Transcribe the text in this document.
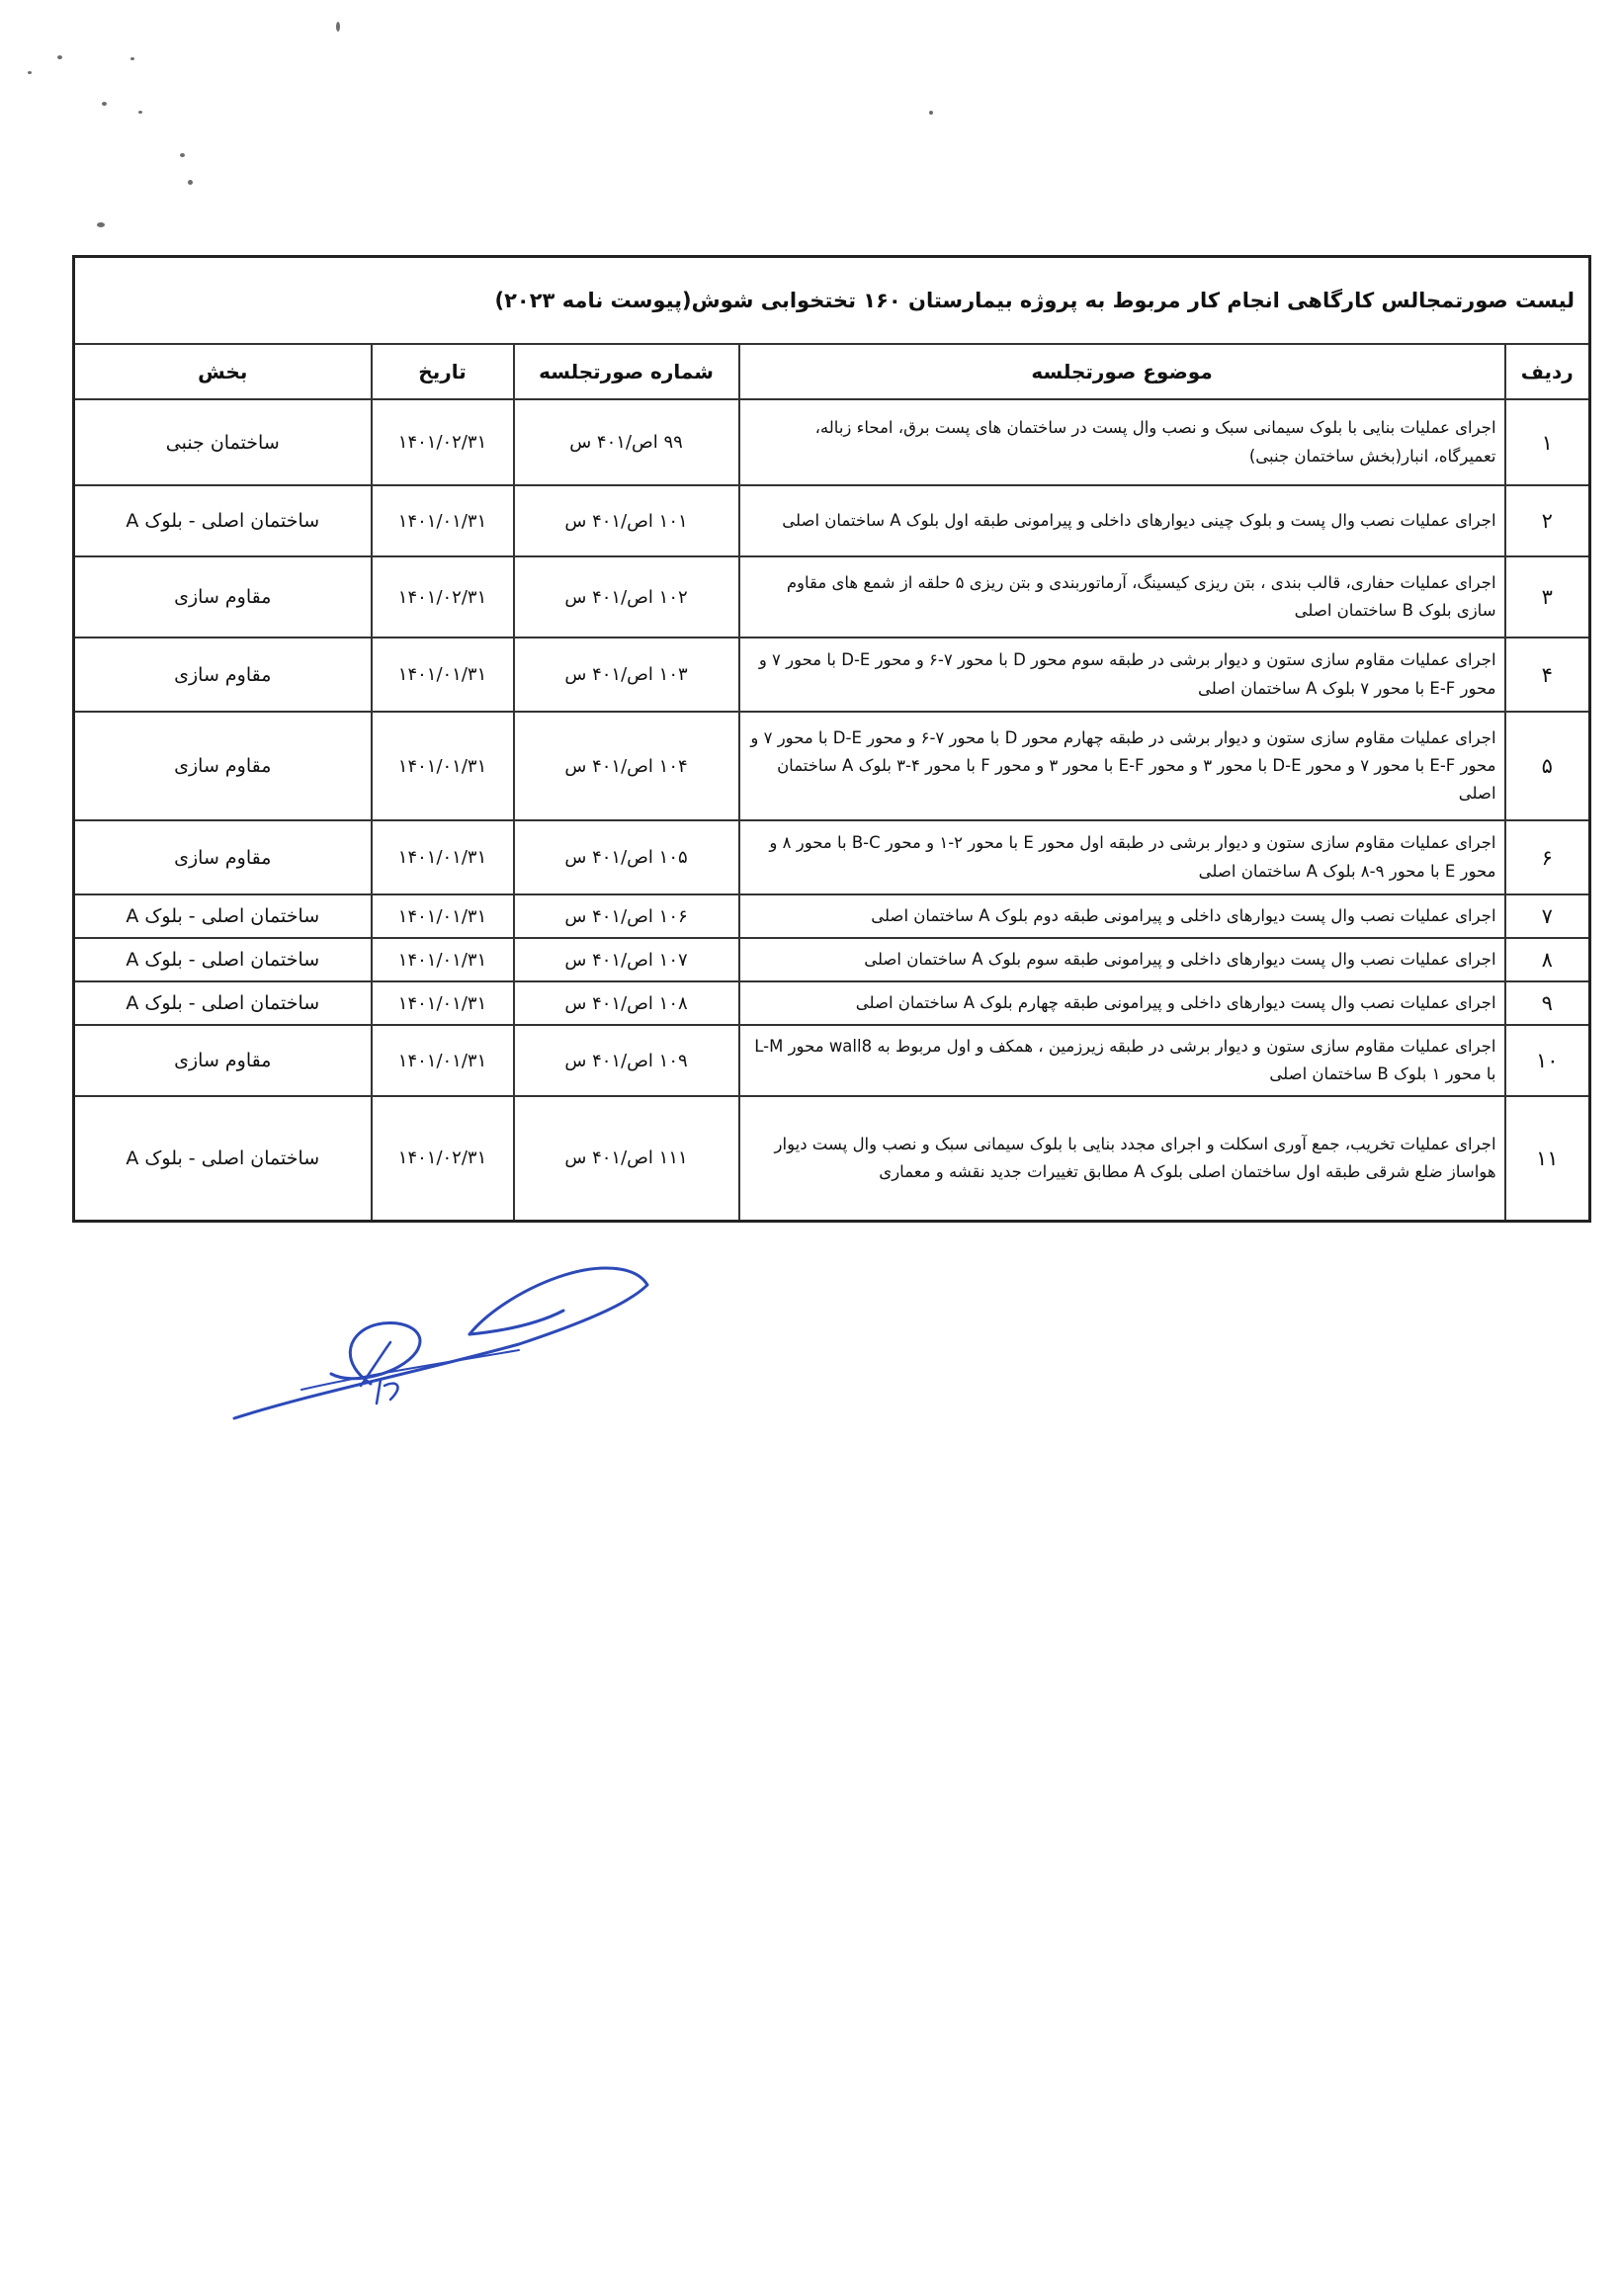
لیست صورتمجالس کارگاهی انجام کار مربوط به پروژه بیمارستان ۱۶۰ تختخوابی شوش(پیوست نامه ۲۰۲۳)				
ردیف	موضوع صورتجلسه	شماره صورتجلسه	تاریخ	بخش
۱	اجرای عملیات بنایی با بلوک سیمانی سبک و نصب وال پست در ساختمان های پست برق، امحاء زباله، تعمیرگاه، انبار(بخش ساختمان جنبی)	۹۹ اص/۴۰۱ س	۱۴۰۱/۰۲/۳۱	ساختمان جنبی
۲	اجرای عملیات نصب وال پست و بلوک چینی دیوارهای داخلی و پیرامونی طبقه اول بلوک A ساختمان اصلی	۱۰۱ اص/۴۰۱ س	۱۴۰۱/۰۱/۳۱	ساختمان اصلی - بلوک A
۳	اجرای عملیات حفاری، قالب بندی ، بتن ریزی کیسینگ، آرماتوربندی و بتن ریزی ۵ حلقه از شمع های مقاوم سازی بلوک B ساختمان اصلی	۱۰۲ اص/۴۰۱ س	۱۴۰۱/۰۲/۳۱	مقاوم سازی
۴	اجرای عملیات مقاوم سازی ستون و دیوار برشی در طبقه سوم محور D با محور ۷-۶ و محور D-E با محور ۷ و محور E-F با محور ۷ بلوک A ساختمان اصلی	۱۰۳ اص/۴۰۱ س	۱۴۰۱/۰۱/۳۱	مقاوم سازی
۵	اجرای عملیات مقاوم سازی ستون و دیوار برشی در طبقه چهارم محور D با محور ۷-۶ و محور D-E با محور ۷ و محور E-F با محور ۷ و محور D-E با محور ۳ و محور E-F با محور ۳ و محور F با محور ۴-۳ بلوک A ساختمان اصلی	۱۰۴ اص/۴۰۱ س	۱۴۰۱/۰۱/۳۱	مقاوم سازی
۶	اجرای عملیات مقاوم سازی ستون و دیوار برشی در طبقه اول محور E با محور ۲-۱ و محور B-C با محور ۸ و محور E با محور ۹-۸ بلوک A ساختمان اصلی	۱۰۵ اص/۴۰۱ س	۱۴۰۱/۰۱/۳۱	مقاوم سازی
۷	اجرای عملیات نصب وال پست دیوارهای داخلی و پیرامونی طبقه دوم بلوک A ساختمان اصلی	۱۰۶ اص/۴۰۱ س	۱۴۰۱/۰۱/۳۱	ساختمان اصلی - بلوک A
۸	اجرای عملیات نصب وال پست دیوارهای داخلی و پیرامونی طبقه سوم بلوک A ساختمان اصلی	۱۰۷ اص/۴۰۱ س	۱۴۰۱/۰۱/۳۱	ساختمان اصلی - بلوک A
۹	اجرای عملیات نصب وال پست دیوارهای داخلی و پیرامونی طبقه چهارم بلوک A ساختمان اصلی	۱۰۸ اص/۴۰۱ س	۱۴۰۱/۰۱/۳۱	ساختمان اصلی - بلوک A
۱۰	اجرای عملیات مقاوم سازی ستون و دیوار برشی در طبقه زیرزمین ، همکف و اول مربوط به wall8 محور L-M با محور ۱ بلوک B ساختمان اصلی	۱۰۹ اص/۴۰۱ س	۱۴۰۱/۰۱/۳۱	مقاوم سازی
۱۱	اجرای عملیات تخریب، جمع آوری اسکلت و اجرای مجدد بنایی با بلوک سیمانی سبک و نصب وال پست دیوار هواساز ضلع شرقی طبقه اول ساختمان اصلی بلوک A مطابق تغییرات جدید نقشه و معماری	۱۱۱ اص/۴۰۱ س	۱۴۰۱/۰۲/۳۱	ساختمان اصلی - بلوک A
